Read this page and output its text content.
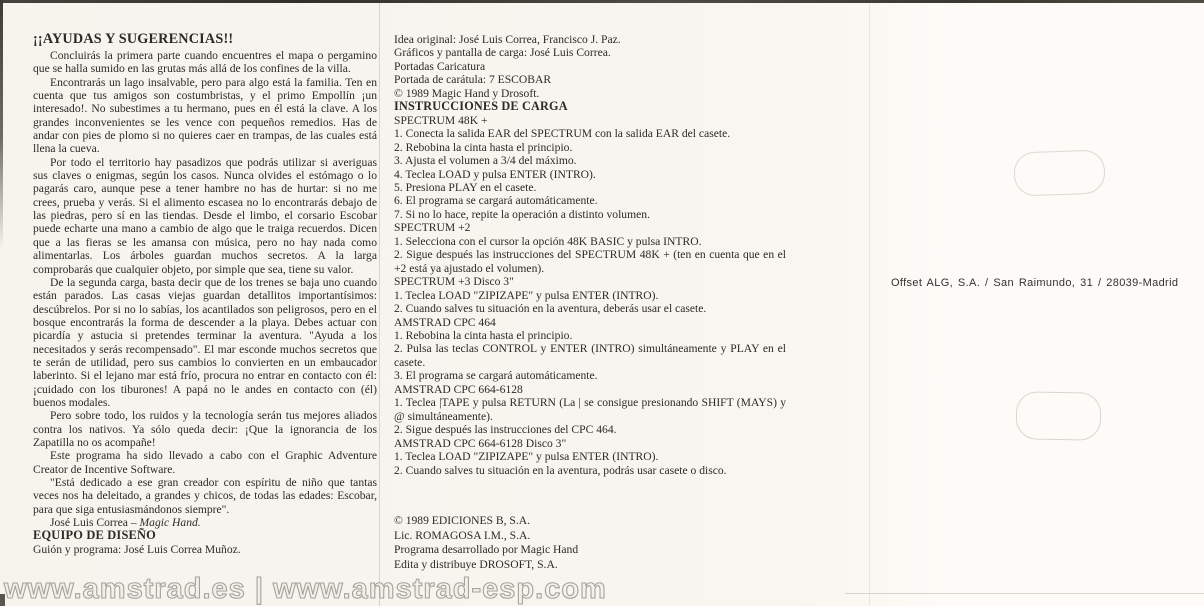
¡¡AYUDAS Y SUGERENCIAS!!

Concluirás la primera parte cuando encuentres el mapa o pergamino que se halla sumido en las grutas más allá de los confines de la villa.

Encontrarás un lago insalvable, pero para algo está la familia. Ten en cuenta que tus amigos son costumbristas, y el primo Empollín ¡un interesado!. No subestimes a tu hermano, pues en él está la clave. A los grandes inconvenientes se les vence con pequeños remedios. Has de andar con pies de plomo si no quieres caer en trampas, de las cuales está llena la cueva.

Por todo el territorio hay pasadizos que podrás utilizar si averiguas sus claves o enigmas, según los casos. Nunca olvides el estómago o lo pagarás caro, aunque pese a tener hambre no has de hurtar: si no me crees, prueba y verás. Si el alimento escasea no lo encontrarás debajo de las piedras, pero sí en las tiendas. Desde el limbo, el corsario Escobar puede echarte una mano a cambio de algo que le traiga recuerdos. Dicen que a las fieras se les amansa con música, pero no hay nada como alimentarlas. Los árboles guardan muchos secretos. A la larga comprobarás que cualquier objeto, por simple que sea, tiene su valor.

De la segunda carga, basta decir que de los trenes se baja uno cuando están parados. Las casas viejas guardan detallitos importantísimos: descúbrelos. Por si no lo sabías, los acantilados son peligrosos, pero en el bosque encontrarás la forma de descender a la playa. Debes actuar con picardía y astucia si pretendes terminar la aventura. "Ayuda a los necesitados y serás recompensado". El mar esconde muchos secretos que te serán de utilidad, pero sus cambios lo convierten en un embaucador laberinto. Si el lejano mar está frío, procura no entrar en contacto con él: ¡cuidado con los tiburones! A papá no le andes en contacto con (él) buenos modales.

Pero sobre todo, los ruidos y la tecnología serán tus mejores aliados contra los nativos. Ya sólo queda decir: ¡Que la ignorancia de los Zapatilla no os acompañe!

Este programa ha sido llevado a cabo con el Graphic Adventure Creator de Incentive Software.

"Está dedicado a ese gran creador con espíritu de niño que tantas veces nos ha deleitado, a grandes y chicos, de todas las edades: Escobar, para que siga entusiasmándonos siempre".

José Luis Correa – Magic Hand.

EQUIPO DE DISEÑO

Guión y programa: José Luis Correa Muñoz.

Idea original: José Luis Correa, Francisco J. Paz.
Gráficos y pantalla de carga: José Luis Correa.
Portadas Caricatura
Portada de carátula: 7 ESCOBAR
© 1989 Magic Hand y Drosoft.
INSTRUCCIONES DE CARGA
SPECTRUM 48K +
1. Conecta la salida EAR del SPECTRUM con la salida EAR del casete.
2. Rebobina la cinta hasta el principio.
3. Ajusta el volumen a 3/4 del máximo.
4. Teclea LOAD y pulsa ENTER (INTRO).
5. Presiona PLAY en el casete.
6. El programa se cargará automáticamente.
7. Si no lo hace, repite la operación a distinto volumen.
SPECTRUM +2
1. Selecciona con el cursor la opción 48K BASIC y pulsa INTRO.
2. Sigue después las instrucciones del SPECTRUM 48K + (ten en cuenta que en el +2 está ya ajustado el volumen).
SPECTRUM +3 Disco 3"
1. Teclea LOAD "ZIPIZAPE" y pulsa ENTER (INTRO).
2. Cuando salves tu situación en la aventura, deberás usar el casete.
AMSTRAD CPC 464
1. Rebobina la cinta hasta el principio.
2. Pulsa las teclas CONTROL y ENTER (INTRO) simultáneamente y PLAY en el casete.
3. El programa se cargará automáticamente.
AMSTRAD CPC 664-6128
1. Teclea |TAPE y pulsa RETURN (La | se consigue presionando SHIFT (MAYS) y @ simultáneamente).
2. Sigue después las instrucciones del CPC 464.
AMSTRAD CPC 664-6128 Disco 3"
1. Teclea LOAD "ZIPIZAPE" y pulsa ENTER (INTRO).
2. Cuando salves tu situación en la aventura, podrás usar casete o disco.
© 1989 EDICIONES B, S.A.
Lic. ROMAGOSA I.M., S.A.
Programa desarrollado por Magic Hand
Edita y distribuye DROSOFT, S.A.
Offset ALG, S.A. / San Raimundo, 31 / 28039-Madrid
www.amstrad.es | www.amstrad-esp.com
